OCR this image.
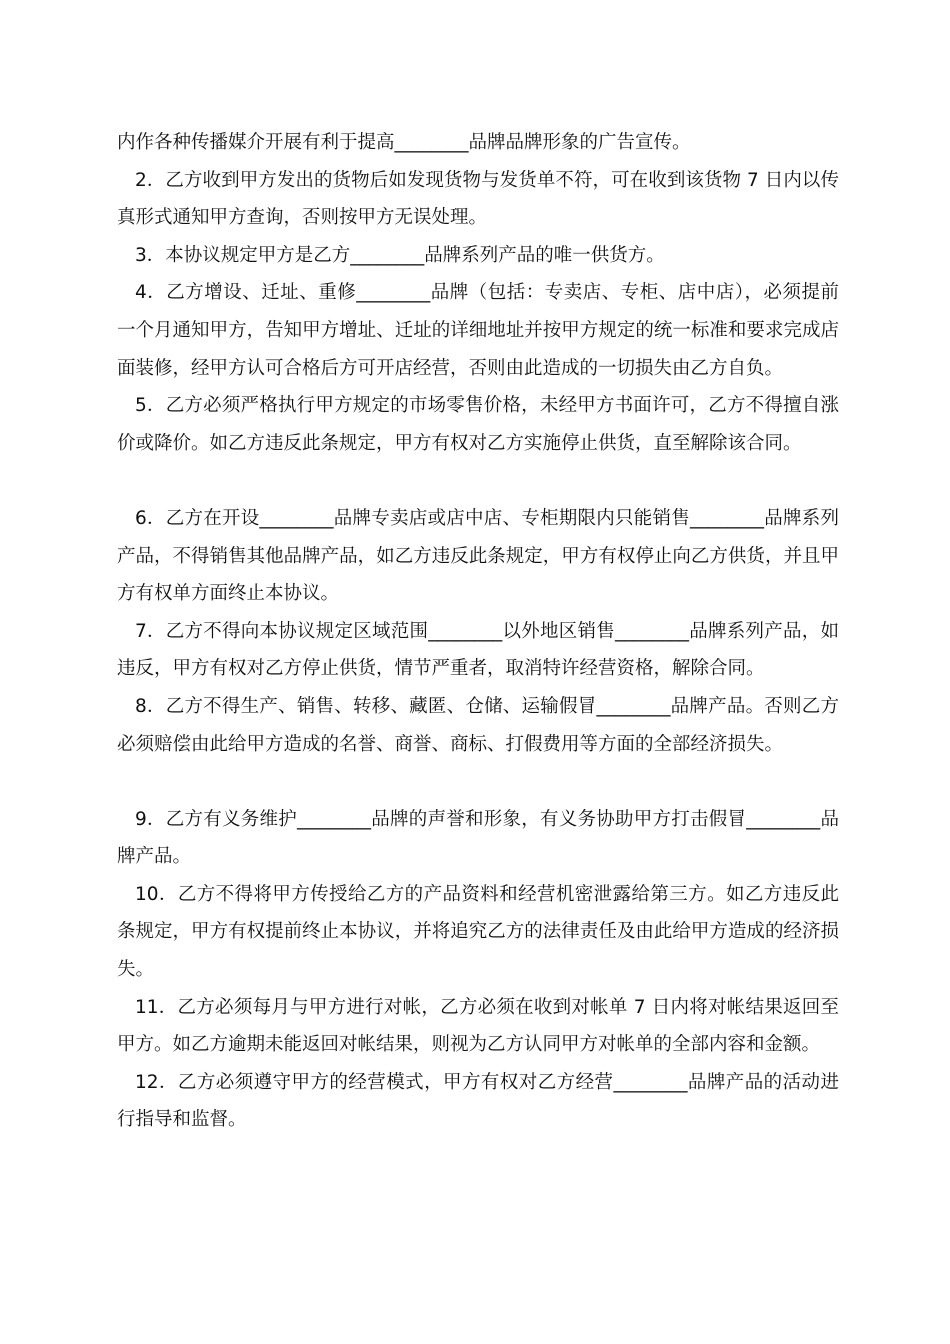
内作各种传播媒介开展有利于提高________品牌品牌形象的广告宣传。

2．乙方收到甲方发出的货物后如发现货物与发货单不符，可在收到该货物 7 日内以传真形式通知甲方查询，否则按甲方无误处理。

3．本协议规定甲方是乙方________品牌系列产品的唯一供货方。

4．乙方增设、迁址、重修________品牌（包括：专卖店、专柜、店中店），必须提前一个月通知甲方，告知甲方增址、迁址的详细地址并按甲方规定的统一标准和要求完成店面装修，经甲方认可合格后方可开店经营，否则由此造成的一切损失由乙方自负。

5．乙方必须严格执行甲方规定的市场零售价格，未经甲方书面许可，乙方不得擅自涨价或降价。如乙方违反此条规定，甲方有权对乙方实施停止供货，直至解除该合同。

6．乙方在开设________品牌专卖店或店中店、专柜期限内只能销售________品牌系列产品，不得销售其他品牌产品，如乙方违反此条规定，甲方有权停止向乙方供货，并且甲方有权单方面终止本协议。

7．乙方不得向本协议规定区域范围________以外地区销售________品牌系列产品，如违反，甲方有权对乙方停止供货，情节严重者，取消特许经营资格，解除合同。

8．乙方不得生产、销售、转移、藏匿、仓储、运输假冒________品牌产品。否则乙方必须赔偿由此给甲方造成的名誉、商誉、商标、打假费用等方面的全部经济损失。

9．乙方有义务维护________品牌的声誉和形象，有义务协助甲方打击假冒________品牌产品。

10．乙方不得将甲方传授给乙方的产品资料和经营机密泄露给第三方。如乙方违反此条规定，甲方有权提前终止本协议，并将追究乙方的法律责任及由此给甲方造成的经济损失。

11．乙方必须每月与甲方进行对帐，乙方必须在收到对帐单 7 日内将对帐结果返回至甲方。如乙方逾期未能返回对帐结果，则视为乙方认同甲方对帐单的全部内容和金额。

12．乙方必须遵守甲方的经营模式，甲方有权对乙方经营________品牌产品的活动进行指导和监督。
